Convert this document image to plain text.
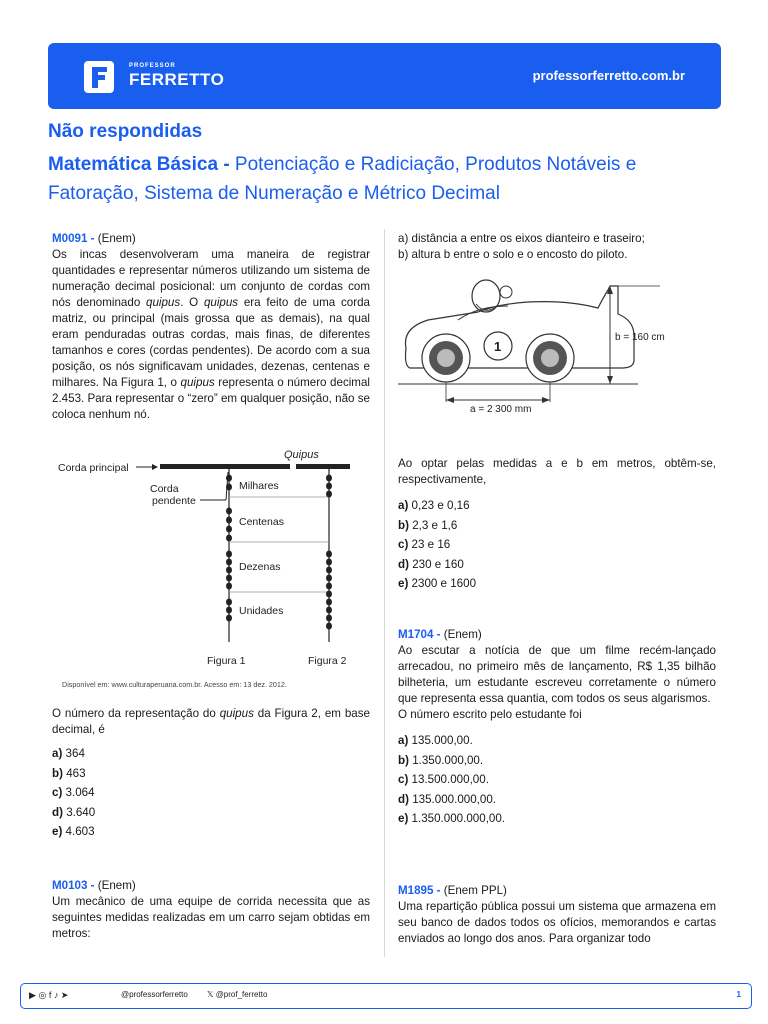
PROFESSOR
FERRETTO	professorferretto.com.br
Não respondidas
Matemática Básica - Potenciação e Radiciação, Produtos Notáveis e Fatoração, Sistema de Numeração e Métrico Decimal
M0091 - (Enem)
Os incas desenvolveram uma maneira de registrar quantidades e representar números utilizando um sistema de numeração decimal posicional: um conjunto de cordas com nós denominado quipus. O quipus era feito de uma corda matriz, ou principal (mais grossa que as demais), na qual eram penduradas outras cordas, mais finas, de diferentes tamanhos e cores (cordas pendentes). De acordo com a sua posição, os nós significavam unidades, dezenas, centenas e milhares. Na Figura 1, o quipus representa o número decimal 2.453. Para representar o “zero” em qualquer posição, não se coloca nenhum nó.
Quipus
Corda principal
Corda
pendente
Milhares
Centenas
Dezenas
Unidades
Figura 1	Figura 2
Disponível em: www.culturaperuana.com.br. Acesso em: 13 dez. 2012.
O número da representação do quipus da Figura 2, em base decimal, é

a) 364

b) 463

c) 3.064

d) 3.640

e) 4.603

M0103 - (Enem)
Um mecânico de uma equipe de corrida necessita que as seguintes medidas realizadas em um carro sejam obtidas em metros:
a) distância a entre os eixos dianteiro e traseiro;
b) altura b entre o solo e o encosto do piloto.
1
b = 160 cm
a = 2 300 mm
Ao optar pelas medidas a e b em metros, obtêm-se, respectivamente,

a) 0,23 e 0,16

b) 2,3 e 1,6

c) 23 e 16

d) 230 e 160

e) 2300 e 1600

M1704 - (Enem)
Ao escutar a notícia de que um filme recém-lançado arrecadou, no primeiro mês de lançamento, R$ 1,35 bilhão bilheteria, um estudante escreveu corretamente o número que representa essa quantia, com todos os seus algarismos.
O número escrito pelo estudante foi

a) 135.000,00.

b) 1.350.000,00.

c) 13.500.000,00.

d) 135.000.000,00.

e) 1.350.000.000,00.

M1895 - (Enem PPL)
Uma repartição pública possui um sistema que armazena em seu banco de dados todos os ofícios, memorandos e cartas enviados ao longo dos anos. Para organizar todo
▶ ◎ f ♪ ➤	@professorferretto 𝕏 @prof_ferretto	1
